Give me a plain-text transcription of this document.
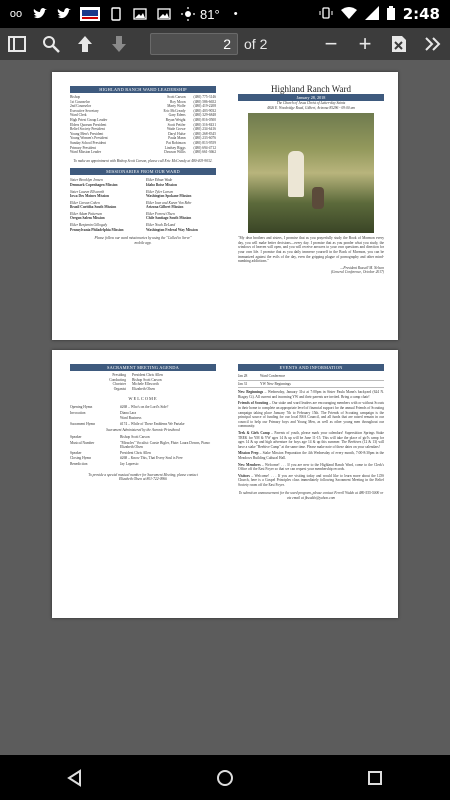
oo	81°	•	2:48
2 of 2	− +
HIGHLAND RANCH WARD LEADERSHIP
Bishop	Scott Carson (480) 775-3146
1st Counselor	Roy Moon (480) 586-6652
2nd Counselor	Marty Wolfe (480) 419-2208
Executive Secretary	Eric McCready (480) 403-9032
Ward Clerk	Gary Edens (480) 329-6848
High Priest Group Leader	Bryan Weight (480) 816-0500
Elders Quorum President	Scott Petifer (480) 316-8431
Relief Society President	Wade Crowe (480) 234-6416
Young Men's President	Daryl Hulse (480) 268-8345
Young Women's President	Paula Mann (480) 233-6076
Sunday School President	Pat Robinson (480) 813-9559
Primary President	Lindsey Riggs (480) 694-4712
Ward Mission Leader	Dawson Willis (480) 661-3662
To make an appointment with Bishop Scott Carson, please call Eric McCready at 480-403-9032.
MISSIONARIES FROM OUR WARD
Sister Brooklyn Jensen
Denmark Copenhagen Mission
Elder Ethan Wade
Idaho Boise Mission
Sister Lauren Ellsworth
Iowa Des Moines Mission
Elder Tyler Larsen
Washington Spokane Mission
Elder Carson Cohen
Brazil Curitiba South Mission
Elder Ivan and Karen Von Behr
Arizona Gilbert Mission
Elder Adam Patterson
Oregon Salem Mission
Elder Forrest Olsen
Chile Santiago South Mission
Elder Benjamin Gillogaly
Pennsylvania Philadelphia Mission
Elder Noah DeLand
Washington Federal Way Mission
Please follow our ward missionaries by using the "Called to Serve" mobile app.
Highland Ranch Ward
January 28, 2018
The Church of Jesus Christ of Latter-day Saints
4826 E. Woodridge Road, Gilbert, Arizona 85296 - 09:00 am
"My dear brothers and sisters, I promise that as you prayerfully study the Book of Mormon every day, you will make better decisions—every day. I promise that as you ponder what you study, the windows of heaven will open, and you will receive answers to your own questions and direction for your own life. I promise that as you daily immerse yourself in the Book of Mormon, you can be immunized against the evils of the day, even the gripping plague of pornography and other mind-numbing addictions."
—President Russell M. Nelson
(General Conference, October 2017)
SACRAMENT MEETING AGENDA
Presiding President Chris Allen
Conducting Bishop Scott Carson
Chorister Michele Ellsworth
Organist Elizabeth Olsen
WELCOME
Opening Hymn	#268 – Who's on the Lord's Side?
Invocation	Diana Lara
Ward Business
Sacrament Hymn	#174 – While of These Emblems We Partake
Sacrament Administered by the Aaronic Priesthood
Speaker	Bishop Scott Carson
Musical Number	"Miracles" Vocalist: Cassie Bigler, Flute: Laura Downs, Piano: Elizabeth Olsen
Speaker	President Chris Allen
Closing Hymn	#268 – Know This, That Every Soul is Free
Benediction	Jay Lopresio
To provide a special musical number for Sacrament Meeting, please contact Elizabeth Olsen at 801-722-0966
EVENTS AND INFORMATION
Jan 28	Ward Conference
Jan 31	YW New Beginnings
New Beginnings – Wednesday, January 31st at 7:00pm in Sister Paula Mann's backyard (624 N. Riagay Ct). All current and incoming YW and their parents are invited. Bring a camp chair!
Friends of Scouting – Our stake and ward leaders are encouraging members with or without Scouts in their home to complete an appropriate level of financial support for the annual Friends of Scouting campaign taking place January 7th to February 15th. The Friends of Scouting campaign is the principal source of funding for our local BSA Council, and all funds that are raised remain in our council to help our Primary boys and Young Men, as well as other young men throughout our community.
Trek & Girls Camp – Parents of youth, please mark your calendars! Superstition Springs Stake TREK for YM & YW ages 14 & up will be June 11-15. This will take the place of girl's camp for ages 14 & up and high adventure for boys age 14 & up this summer. The Beehives (12 & 13) will have a stake "Beehive Camp" at the same time. Please make note of these dates on your calendars!
Mission Prep – Stake Mission Preparation the 4th Wednesday of every month, 7:00-8:30pm in the Meadows Building Cultural Hall.
New Members – Welcome! . . . If you are new to the Highland Ranch Ward, come to the Clerk's Office off the East Foyer so that we can request your membership records.
Visitors – Welcome! . . . If you are visiting today and would like to learn more about the LDS Church, here is a Gospel Principles class immediately following Sacrament Meeting in the Relief Society room off the East Foyer.
To submit an announcement for the ward program, please contact Ferrell Waldo at 480-555-5000 or via email at fkwaldo@yahoo.com
